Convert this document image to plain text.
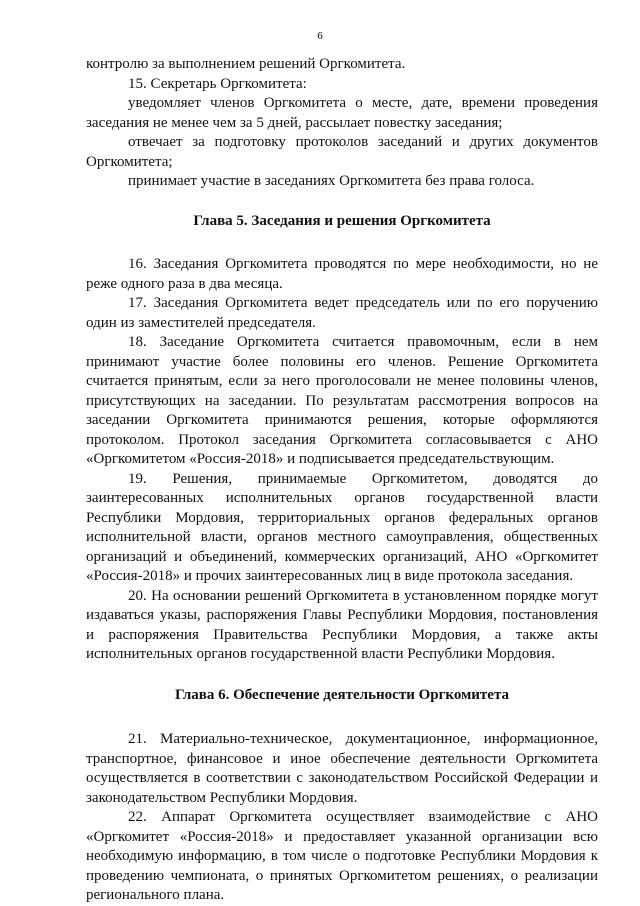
6

контролю за выполнением решений Оргкомитета.

15. Секретарь Оргкомитета:

уведомляет членов Оргкомитета о месте, дате, времени проведения заседания не менее чем за 5 дней, рассылает повестку заседания;

отвечает за подготовку протоколов заседаний и других документов Оргкомитета;

принимает участие в заседаниях Оргкомитета без права голоса.

Глава 5. Заседания и решения Оргкомитета

16. Заседания Оргкомитета проводятся по мере необходимости, но не реже одного раза в два месяца.

17. Заседания Оргкомитета ведет председатель или по его поручению один из заместителей председателя.

18. Заседание Оргкомитета считается правомочным, если в нем принимают участие более половины его членов. Решение Оргкомитета считается принятым, если за него проголосовали не менее половины членов, присутствующих на заседании. По результатам рассмотрения вопросов на заседании Оргкомитета принимаются решения, которые оформляются протоколом. Протокол заседания Оргкомитета согласовывается с АНО «Оргкомитетом «Россия-2018» и подписывается председательствующим.

19. Решения, принимаемые Оргкомитетом, доводятся до заинтересованных исполнительных органов государственной власти Республики Мордовия, территориальных органов федеральных органов исполнительной власти, органов местного самоуправления, общественных организаций и объединений, коммерческих организаций, АНО «Оргкомитет «Россия-2018» и прочих заинтересованных лиц в виде протокола заседания.

20. На основании решений Оргкомитета в установленном порядке могут издаваться указы, распоряжения Главы Республики Мордовия, постановления и распоряжения Правительства Республики Мордовия, а также акты исполнительных органов государственной власти Республики Мордовия.

Глава 6. Обеспечение деятельности Оргкомитета

21. Материально-техническое, документационное, информационное, транспортное, финансовое и иное обеспечение деятельности Оргкомитета осуществляется в соответствии с законодательством Российской Федерации и законодательством Республики Мордовия.

22. Аппарат Оргкомитета осуществляет взаимодействие с АНО «Оргкомитет «Россия-2018» и предоставляет указанной организации всю необходимую информацию, в том числе о подготовке Республики Мордовия к проведению чемпионата, о принятых Оргкомитетом решениях, о реализации регионального плана.
